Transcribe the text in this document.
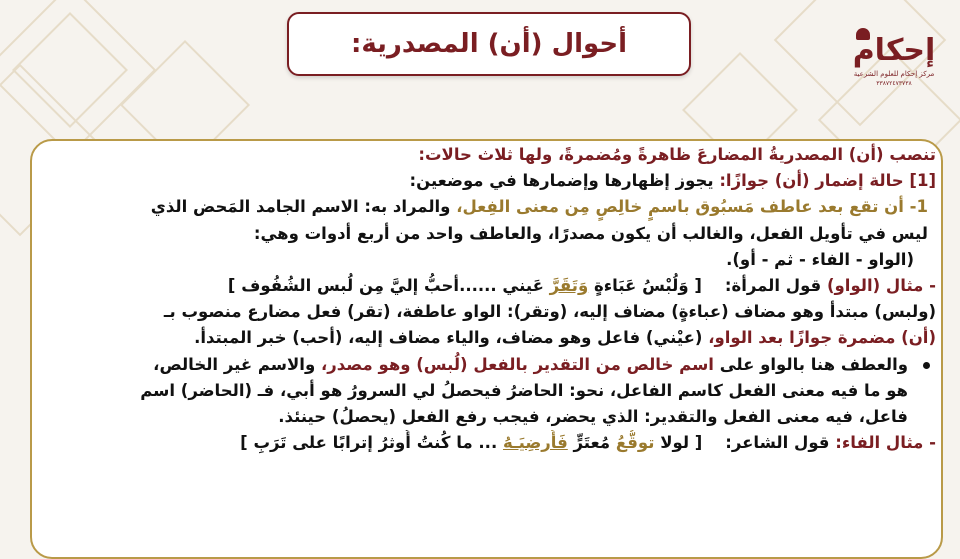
أحوال (أن) المصدرية:	إحكام
مركز إحكام للعلوم الشرعية
٣٣٨٧٢٤٧٣٧٣٨
تنصب (أن) المصدريةُ المضارعَ ظاهرةً ومُضمرةً، ولها ثلاث حالات:
[1] حالة إضمار (أن) جوازًا: يجوز إظهارها وإضمارها في موضعين:
1- أن تقع بعد عاطف مَسبُوق باسمٍ خالِصٍ مِن معنى الفِعل، والمراد به: الاسم الجامد المَحض الذي
ليس في تأويل الفعل، والغالب أن يكون مصدرًا، والعاطف واحد من أربع أدوات وهي:
(الواو - الفاء - ثم - أو).
- مثال (الواو) قول المرأة:    [ وَلُبْسُ عَبَاءةٍ وَتَقَرَّ عَيني ......أحبُّ إليَّ مِن لُبس الشُفُوف ]
(ولبس) مبتدأ وهو مضاف (عباءةٍ) مضاف إليه، (وتقر): الواو عاطفة، (تقر) فعل مضارع منصوب بـ
(أن) مضمرة جوازًا بعد الواو، (عيْني) فاعل وهو مضاف، والياء مضاف إليه، (أحب) خبر المبتدأ.
والعطف هنا بالواو على اسم خالص من التقدير بالفعل (لُبس) وهو مصدر، والاسم غير الخالص،
هو ما فيه معنى الفعل كاسم الفاعل، نحو: الحاضرُ فيحصلُ لي السرورُ هو أبي، فـ (الحاضر) اسم
فاعل، فيه معنى الفعل والتقدير: الذي يحضر، فيجب رفع الفعل (يحصلُ) حينئذ.
- مثال الفاء: قول الشاعر:    [ لولا توقُّعُ مُعتَرٍّ فَأُرضِيَـهُ ... ما كُنتُ أُوثرُ إترابًا على تَرَبِ ]
